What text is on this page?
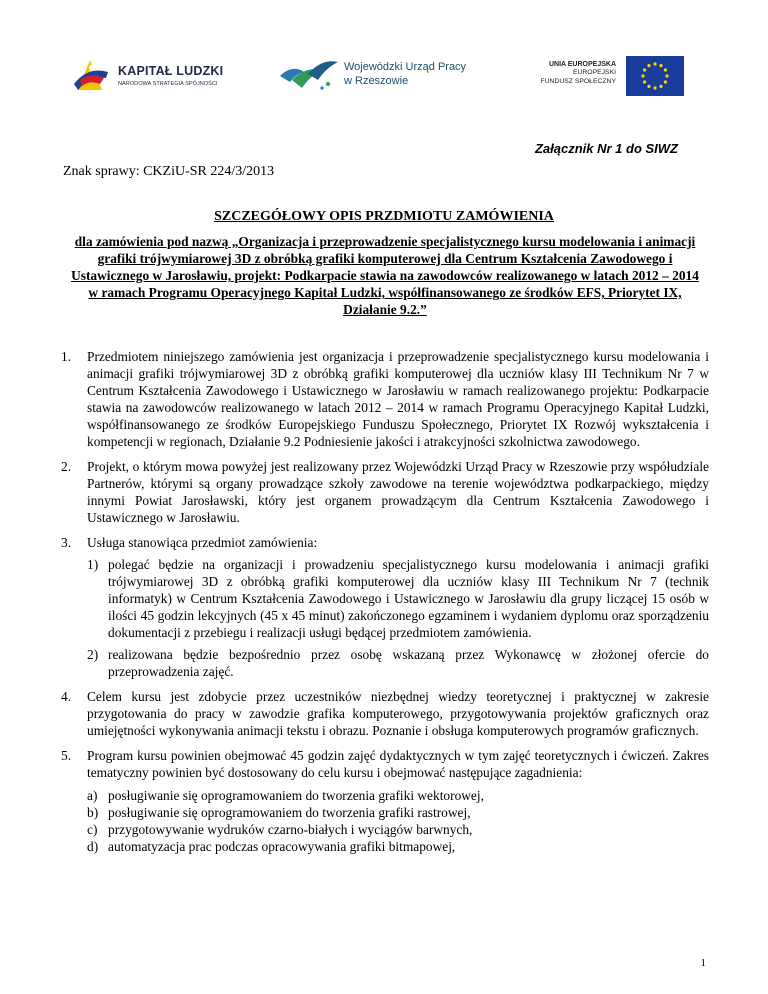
KAPITAŁ LUDZKI
NARODOWA STRATEGIA SPÓJNOŚCI
Wojewódzki Urząd Pracy
w Rzeszowie
UNIA EUROPEJSKA
EUROPEJSKI
FUNDUSZ SPOŁECZNY
Załącznik Nr 1 do SIWZ
Znak sprawy: CKZiU-SR 224/3/2013
SZCZEGÓŁOWY OPIS PRZDMIOTU ZAMÓWIENIA
dla zamówienia pod nazwą „Organizacja i przeprowadzenie specjalistycznego kursu modelowania i animacji grafiki trójwymiarowej 3D z obróbką grafiki komputerowej dla Centrum Kształcenia Zawodowego i Ustawicznego w Jarosławiu, projekt: Podkarpacie stawia na zawodowców realizowanego w latach 2012 – 2014 w ramach Programu Operacyjnego Kapitał Ludzki, współfinansowanego ze środków EFS, Priorytet IX, Działanie 9.2.”
1. Przedmiotem niniejszego zamówienia jest organizacja i przeprowadzenie specjalistycznego kursu modelowania i animacji grafiki trójwymiarowej 3D z obróbką grafiki komputerowej dla uczniów klasy III Technikum Nr 7 w Centrum Kształcenia Zawodowego i Ustawicznego w Jarosławiu w ramach realizowanego projektu: Podkarpacie stawia na zawodowców realizowanego w latach 2012 – 2014 w ramach Programu Operacyjnego Kapitał Ludzki, współfinansowanego ze środków Europejskiego Funduszu Społecznego, Priorytet IX Rozwój wykształcenia i kompetencji w regionach, Działanie 9.2 Podniesienie jakości i atrakcyjności szkolnictwa zawodowego.
2. Projekt, o którym mowa powyżej jest realizowany przez Wojewódzki Urząd Pracy w Rzeszowie przy współudziale Partnerów, którymi są organy prowadzące szkoły zawodowe na terenie województwa podkarpackiego, między innymi Powiat Jarosławski, który jest organem prowadzącym dla Centrum Kształcenia Zawodowego i Ustawicznego w Jarosławiu.
3. Usługa stanowiąca przedmiot zamówienia:
1) polegać będzie na organizacji i prowadzeniu specjalistycznego kursu modelowania i animacji grafiki trójwymiarowej 3D z obróbką grafiki komputerowej dla uczniów klasy III Technikum Nr 7 (technik informatyk) w Centrum Kształcenia Zawodowego i Ustawicznego w Jarosławiu dla grupy liczącej 15 osób w ilości 45 godzin lekcyjnych (45 x 45 minut) zakończonego egzaminem i wydaniem dyplomu oraz sporządzeniu dokumentacji z przebiegu i realizacji usługi będącej przedmiotem zamówienia.
2) realizowana będzie bezpośrednio przez osobę wskazaną przez Wykonawcę w złożonej ofercie do przeprowadzenia zajęć.
4. Celem kursu jest zdobycie przez uczestników niezbędnej wiedzy teoretycznej i praktycznej w zakresie przygotowania do pracy w zawodzie grafika komputerowego, przygotowywania projektów graficznych oraz umiejętności wykonywania animacji tekstu i obrazu. Poznanie i obsługa komputerowych programów graficznych.
5. Program kursu powinien obejmować 45 godzin zajęć dydaktycznych w tym zajęć teoretycznych i ćwiczeń. Zakres tematyczny powinien być dostosowany do celu kursu i obejmować następujące zagadnienia:
a) posługiwanie się oprogramowaniem do tworzenia grafiki wektorowej,
b) posługiwanie się oprogramowaniem do tworzenia grafiki rastrowej,
c) przygotowywanie wydruków czarno-białych i wyciągów barwnych,
d) automatyzacja prac podczas opracowywania grafiki bitmapowej,
1
